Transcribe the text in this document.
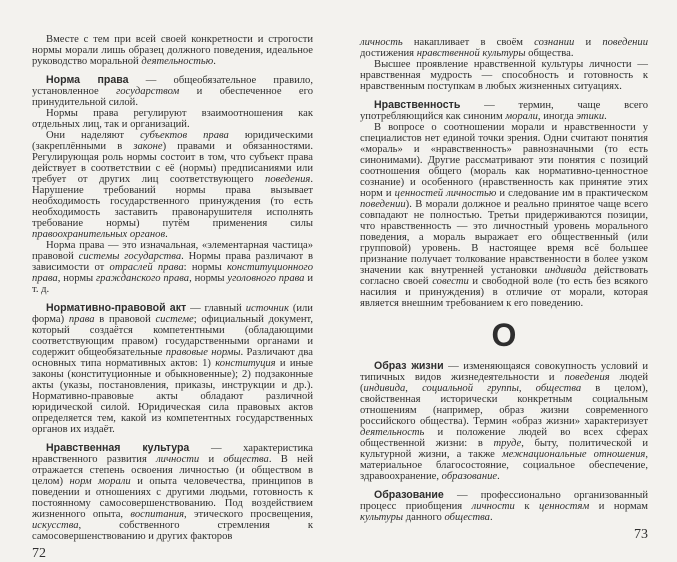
Вместе с тем при всей своей конкретности и строгости нормы морали лишь образец должного поведения, идеальное руководство моральной деятельностью.

Норма права — общеобязательное правило, установленное государством и обеспеченное его принудительной силой.

Нормы права регулируют взаимоотношения как отдельных лиц, так и организаций.

Они наделяют субъектов права юридическими (закреплёнными в законе) правами и обязанностями. Регулирующая роль нормы состоит в том, что субъект права действует в соответствии с её (нормы) предписаниями или требует от других лиц соответствующего поведения. Нарушение требований нормы права вызывает необходимость государственного принуждения (то есть необходимость заставить правонарушителя исполнять требование нормы) путём применения силы правоохранительных органов.

Норма права — это изначальная, «элементарная частица» правовой системы государства. Нормы права различают в зависимости от отраслей права: нормы конституционного права, нормы гражданского права, нормы уголовного права и т. д.

Нормативно-правовой акт — главный источник (или форма) права в правовой системе; официальный документ, который создаётся компетентными (обладающими соответствующим правом) государственными органами и содержит общеобязательные правовые нормы. Различают два основных типа нормативных актов: 1) конституция и иные законы (конституционные и обыкновенные); 2) подзаконные акты (указы, постановления, приказы, инструкции и др.). Нормативно-правовые акты обладают различной юридической силой. Юридическая сила правовых актов определяется тем, какой из компетентных государственных органов их издаёт.

Нравственная культура — характеристика нравственного развития личности и общества. В ней отражается степень освоения личностью (и обществом в целом) норм морали и опыта человечества, принципов в поведении и отношениях с другими людьми, готовность к постоянному самосовершенствованию. Под воздействием жизненного опыта, воспитания, этического просвещения, искусства, собственного стремления к самосовершенствованию и других факторов

72

личность накапливает в своём сознании и поведении достижения нравственной культуры общества.

Высшее проявление нравственной культуры личности — нравственная мудрость — способность и готовность к нравственным поступкам в любых жизненных ситуациях.

Нравственность — термин, чаще всего употребляющийся как синоним морали, иногда этики.

В вопросе о соотношении морали и нравственности у специалистов нет единой точки зрения. Одни считают понятия «мораль» и «нравственность» равнозначными (то есть синонимами). Другие рассматривают эти понятия с позиций соотношения общего (мораль как нормативно-ценностное сознание) и особенного (нравственность как принятие этих норм и ценностей личностью и следование им в практическом поведении). В морали должное и реально принятое чаще всего совпадают не полностью. Третьи придерживаются позиции, что нравственность — это личностный уровень морального поведения, а мораль выражает его общественный (или групповой) уровень. В настоящее время всё большее признание получает толкование нравственности в более узком значении как внутренней установки индивида действовать согласно своей совести и свободной воле (то есть без всякого насилия и принуждения) в отличие от морали, которая является внешним требованием к его поведению.

О

Образ жизни — изменяющаяся совокупность условий и типичных видов жизнедеятельности и поведения людей (индивида, социальной группы, общества в целом), свойственная исторически конкретным социальным отношениям (например, образ жизни современного российского общества). Термин «образ жизни» характеризует деятельность и положение людей во всех сферах общественной жизни: в труде, быту, политической и культурной жизни, а также межнациональные отношения, материальное благосостояние, социальное обеспечение, здравоохранение, образование.

Образование — профессионально организованный процесс приобщения личности к ценностям и нормам культуры данного общества.

73
